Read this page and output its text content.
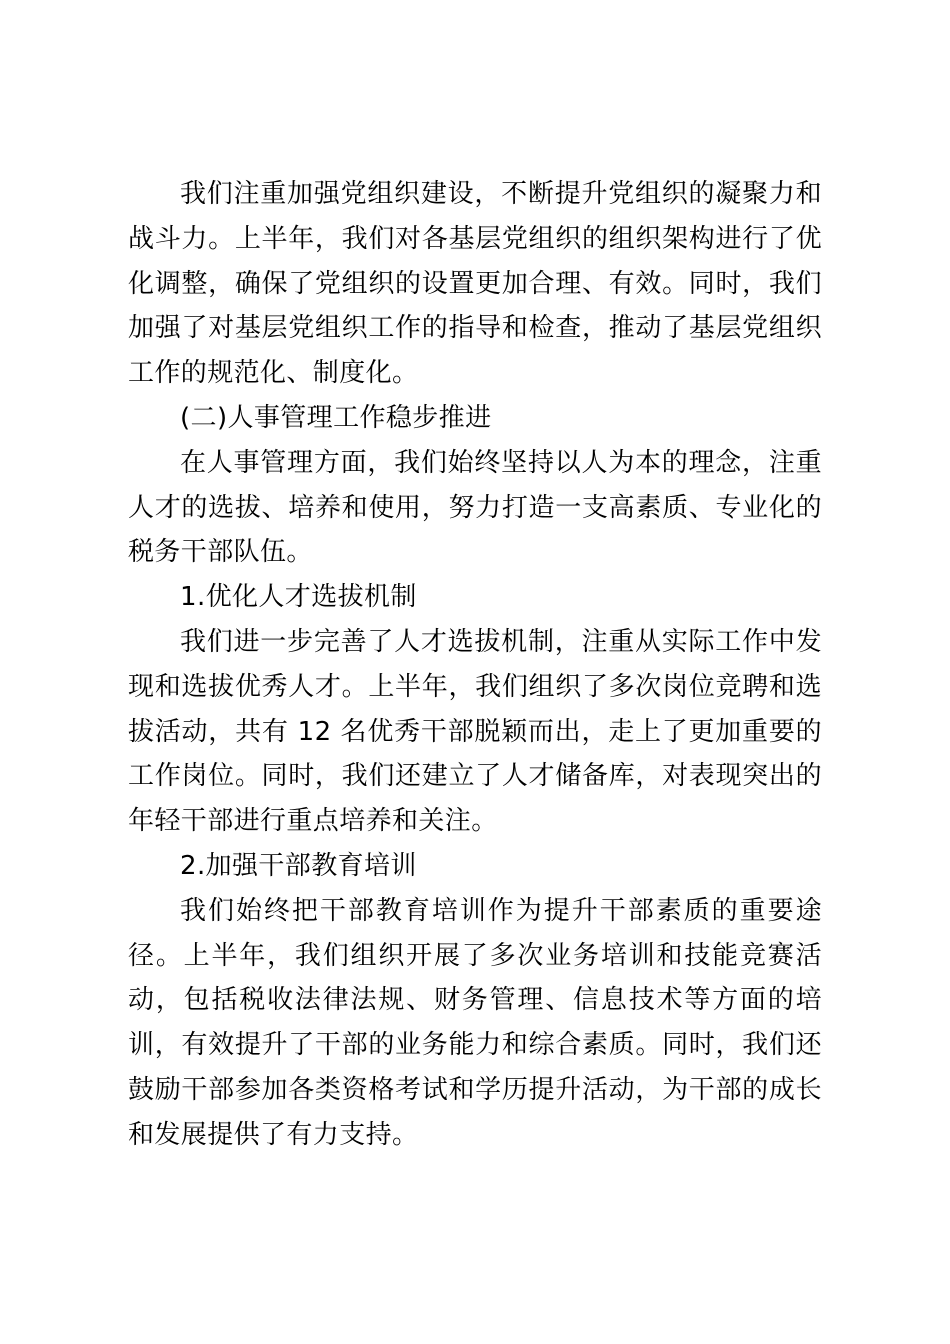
我们注重加强党组织建设，不断提升党组织的凝聚力和战斗力。上半年，我们对各基层党组织的组织架构进行了优化调整，确保了党组织的设置更加合理、有效。同时，我们加强了对基层党组织工作的指导和检查，推动了基层党组织工作的规范化、制度化。

(二)人事管理工作稳步推进

在人事管理方面，我们始终坚持以人为本的理念，注重人才的选拔、培养和使用，努力打造一支高素质、专业化的税务干部队伍。

1.优化人才选拔机制

我们进一步完善了人才选拔机制，注重从实际工作中发现和选拔优秀人才。上半年，我们组织了多次岗位竞聘和选拔活动，共有 12 名优秀干部脱颖而出，走上了更加重要的工作岗位。同时，我们还建立了人才储备库，对表现突出的年轻干部进行重点培养和关注。

2.加强干部教育培训

我们始终把干部教育培训作为提升干部素质的重要途径。上半年，我们组织开展了多次业务培训和技能竞赛活动，包括税收法律法规、财务管理、信息技术等方面的培训，有效提升了干部的业务能力和综合素质。同时，我们还鼓励干部参加各类资格考试和学历提升活动，为干部的成长和发展提供了有力支持。
